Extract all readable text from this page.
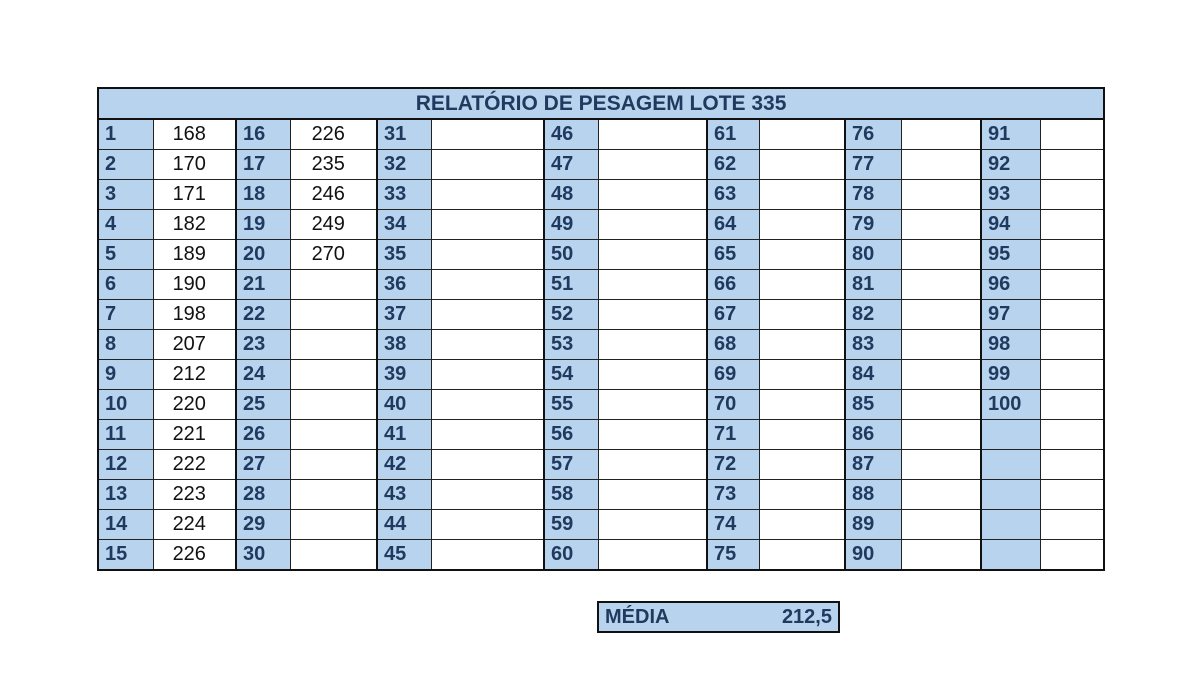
RELATÓRIO DE PESAGEM LOTE 335													
1	168	16	226	31		46		61		76		91	
2	170	17	235	32		47		62		77		92	
3	171	18	246	33		48		63		78		93	
4	182	19	249	34		49		64		79		94	
5	189	20	270	35		50		65		80		95	
6	190	21		36		51		66		81		96	
7	198	22		37		52		67		82		97	
8	207	23		38		53		68		83		98	
9	212	24		39		54		69		84		99	
10	220	25		40		55		70		85		100	
11	221	26		41		56		71		86			
12	222	27		42		57		72		87			
13	223	28		43		58		73		88			
14	224	29		44		59		74		89			
15	226	30		45		60		75		90			
MÉDIA	212,5
